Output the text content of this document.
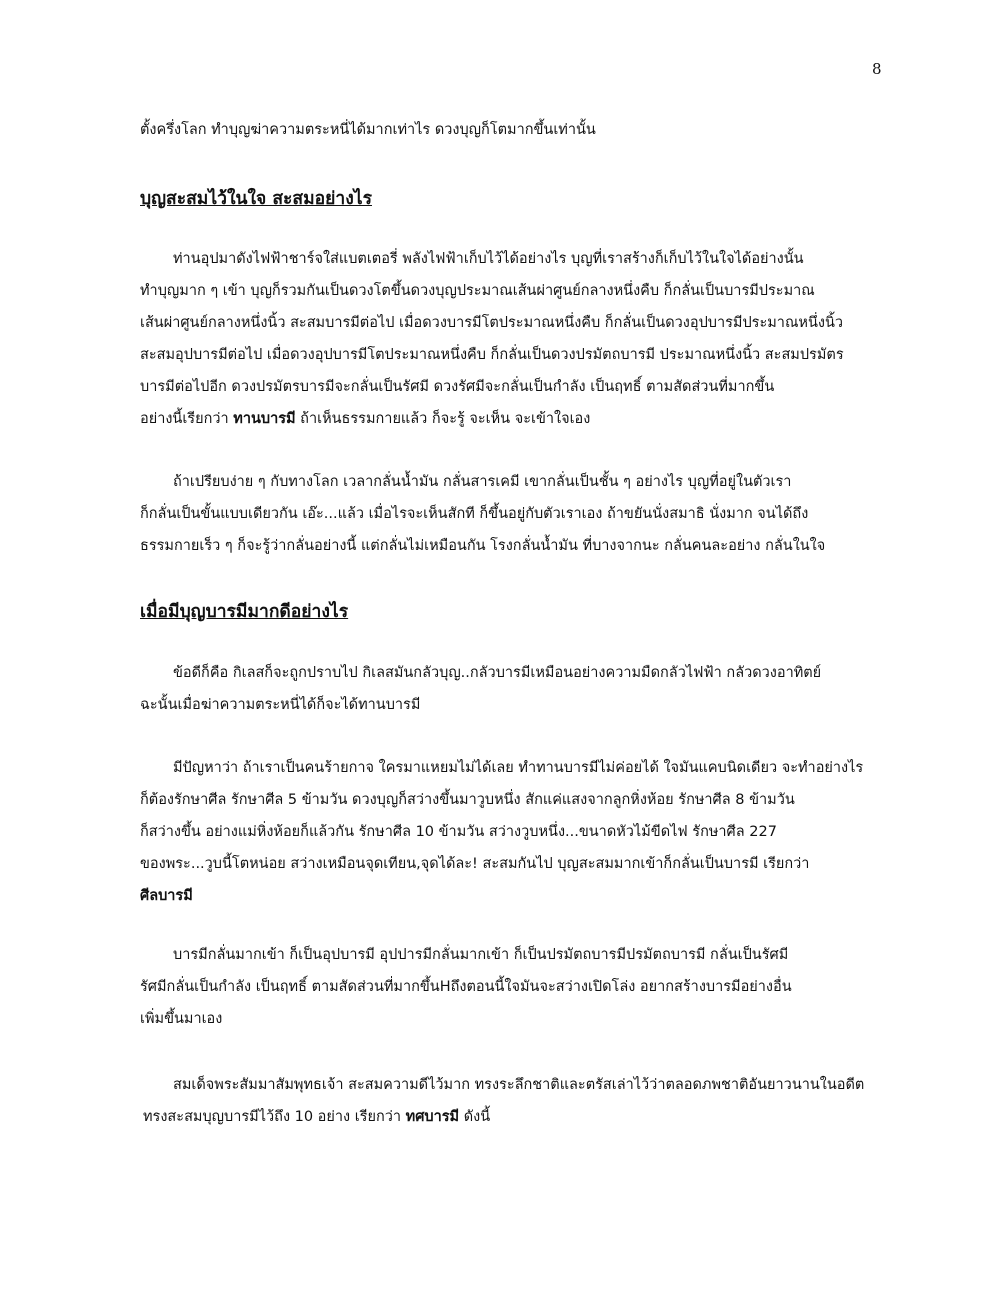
8
ตั้งครึ่งโลก ทำบุญฆ่าความตระหนี่ได้มากเท่าไร ดวงบุญก็โตมากขึ้นเท่านั้น
บุญสะสมไว้ในใจ สะสมอย่างไร
ท่านอุปมาดังไฟฟ้าชาร์จใส่แบตเตอรี่ พลังไฟฟ้าเก็บไว้ได้อย่างไร บุญที่เราสร้างก็เก็บไว้ในใจได้อย่างนั้น
ทำบุญมาก ๆ เข้า บุญก็รวมกันเป็นดวงโตขึ้นดวงบุญประมาณเส้นผ่าศูนย์กลางหนึ่งคืบ ก็กลั่นเป็นบารมีประมาณ
เส้นผ่าศูนย์กลางหนึ่งนิ้ว สะสมบารมีต่อไป เมื่อดวงบารมีโตประมาณหนึ่งคืบ ก็กลั่นเป็นดวงอุปบารมีประมาณหนึ่งนิ้ว
สะสมอุปบารมีต่อไป เมื่อดวงอุปบารมีโตประมาณหนึ่งคืบ ก็กลั่นเป็นดวงปรมัตถบารมี ประมาณหนึ่งนิ้ว สะสมปรมัตร
บารมีต่อไปอีก ดวงปรมัตรบารมีจะกลั่นเป็นรัศมี ดวงรัศมีจะกลั่นเป็นกำลัง เป็นฤทธิ์ ตามสัดส่วนที่มากขึ้น
อย่างนี้เรียกว่า ทานบารมี ถ้าเห็นธรรมกายแล้ว ก็จะรู้ จะเห็น จะเข้าใจเอง
ถ้าเปรียบง่าย ๆ กับทางโลก เวลากลั่นน้ำมัน กลั่นสารเคมี เขากลั่นเป็นชั้น ๆ อย่างไร บุญที่อยู่ในตัวเรา
ก็กลั่นเป็นขั้นแบบเดียวกัน เอ๊ะ...แล้ว เมื่อไรจะเห็นสักที ก็ขึ้นอยู่กับตัวเราเอง ถ้าขยันนั่งสมาธิ นั่งมาก จนได้ถึง
ธรรมกายเร็ว ๆ ก็จะรู้ว่ากลั่นอย่างนี้ แต่กลั่นไม่เหมือนกัน โรงกลั่นน้ำมัน ที่บางจากนะ กลั่นคนละอย่าง กลั่นในใจ
เมื่อมีบุญบารมีมากดีอย่างไร
ข้อดีก็คือ กิเลสก็จะถูกปราบไป กิเลสมันกลัวบุญ..กลัวบารมีเหมือนอย่างความมืดกลัวไฟฟ้า กลัวดวงอาทิตย์
ฉะนั้นเมื่อฆ่าความตระหนี่ได้ก็จะได้ทานบารมี
มีปัญหาว่า ถ้าเราเป็นคนร้ายกาจ ใครมาแหยมไม่ได้เลย ทำทานบารมีไม่ค่อยได้ ใจมันแคบนิดเดียว จะทำอย่างไร
ก็ต้องรักษาศีล รักษาศีล 5 ข้ามวัน ดวงบุญก็สว่างขึ้นมาวูบหนึ่ง สักแค่แสงจากลูกหิ่งห้อย รักษาศีล 8 ข้ามวัน
ก็สว่างขึ้น อย่างแม่หิ่งห้อยก็แล้วกัน รักษาศีล 10 ข้ามวัน สว่างวูบหนึ่ง...ขนาดหัวไม้ขีดไฟ รักษาศีล 227
ของพระ...วูบนี้โตหน่อย สว่างเหมือนจุดเทียน,จุดได้ละ! สะสมกันไป บุญสะสมมากเข้าก็กลั่นเป็นบารมี เรียกว่า
ศีลบารมี
บารมีกลั่นมากเข้า ก็เป็นอุปบารมี อุปปารมีกลั่นมากเข้า ก็เป็นปรมัตถบารมีปรมัตถบารมี กลั่นเป็นรัศมี
รัศมีกลั่นเป็นกำลัง เป็นฤทธิ์ ตามสัดส่วนที่มากขึ้นHถึงตอนนี้ใจมันจะสว่างเปิดโล่ง อยากสร้างบารมีอย่างอื่น
เพิ่มขึ้นมาเอง
สมเด็จพระสัมมาสัมพุทธเจ้า สะสมความดีไว้มาก ทรงระลึกชาติและตรัสเล่าไว้ว่าตลอดภพชาติอันยาวนานในอดีต
ทรงสะสมบุญบารมีไว้ถึง 10 อย่าง เรียกว่า ทศบารมี ดังนี้
